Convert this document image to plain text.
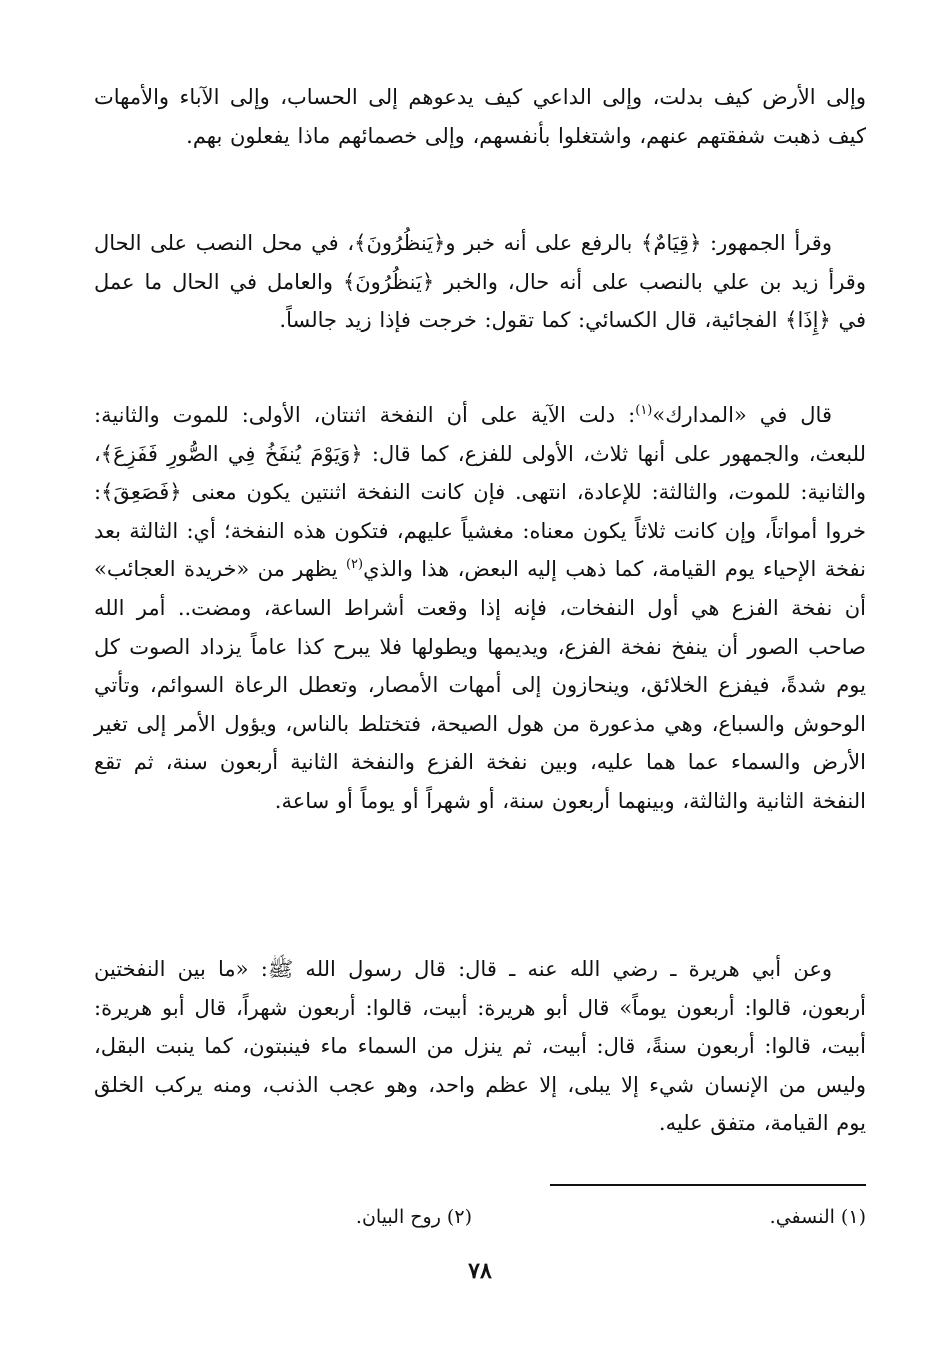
وإلى الأرض كيف بدلت، وإلى الداعي كيف يدعوهم إلى الحساب، وإلى الآباء والأمهات كيف ذهبت شفقتهم عنهم، واشتغلوا بأنفسهم، وإلى خصمائهم ماذا يفعلون بهم.

وقرأ الجمهور: ﴿قِيَامٌ﴾ بالرفع على أنه خبر و﴿يَنظُرُونَ﴾، في محل النصب على الحال وقرأ زيد بن علي بالنصب على أنه حال، والخبر ﴿يَنظُرُونَ﴾ والعامل في الحال ما عمل في ﴿إِذَا﴾ الفجائية، قال الكسائي: كما تقول: خرجت فإذا زيد جالساً.

قال في «المدارك»$^{(١)}$: دلت الآية على أن النفخة اثنتان، الأولى: للموت والثانية: للبعث، والجمهور على أنها ثلاث، الأولى للفزع، كما قال: ﴿وَيَوْمَ يُنفَخُ فِي الصُّورِ فَفَزِعَ﴾، والثانية: للموت، والثالثة: للإعادة، انتهى. فإن كانت النفخة اثنتين يكون معنى ﴿فَصَعِقَ﴾: خروا أمواتاً، وإن كانت ثلاثاً يكون معناه: مغشياً عليهم، فتكون هذه النفخة؛ أي: الثالثة بعد نفخة الإحياء يوم القيامة، كما ذهب إليه البعض، هذا والذي$^{(٢)}$ يظهر من «خريدة العجائب» أن نفخة الفزع هي أول النفخات، فإنه إذا وقعت أشراط الساعة، ومضت.. أمر الله صاحب الصور أن ينفخ نفخة الفزع، ويديمها ويطولها فلا يبرح كذا عاماً يزداد الصوت كل يوم شدةً، فيفزع الخلائق، وينحازون إلى أمهات الأمصار، وتعطل الرعاة السوائم، وتأتي الوحوش والسباع، وهي مذعورة من هول الصيحة، فتختلط بالناس، ويؤول الأمر إلى تغير الأرض والسماء عما هما عليه، وبين نفخة الفزع والنفخة الثانية أربعون سنة، ثم تقع النفخة الثانية والثالثة، وبينهما أربعون سنة، أو شهراً أو يوماً أو ساعة.

وعن أبي هريرة ـ رضي الله عنه ـ قال: قال رسول الله ﷺ: «ما بين النفختين أربعون، قالوا: أربعون يوماً» قال أبو هريرة: أبيت، قالوا: أربعون شهراً، قال أبو هريرة: أبيت، قالوا: أربعون سنةً، قال: أبيت، ثم ينزل من السماء ماء فينبتون، كما ينبت البقل، وليس من الإنسان شيء إلا يبلى، إلا عظم واحد، وهو عجب الذنب، ومنه يركب الخلق يوم القيامة، متفق عليه.

(١) النسفي.
(٢) روح البيان.
٧٨
